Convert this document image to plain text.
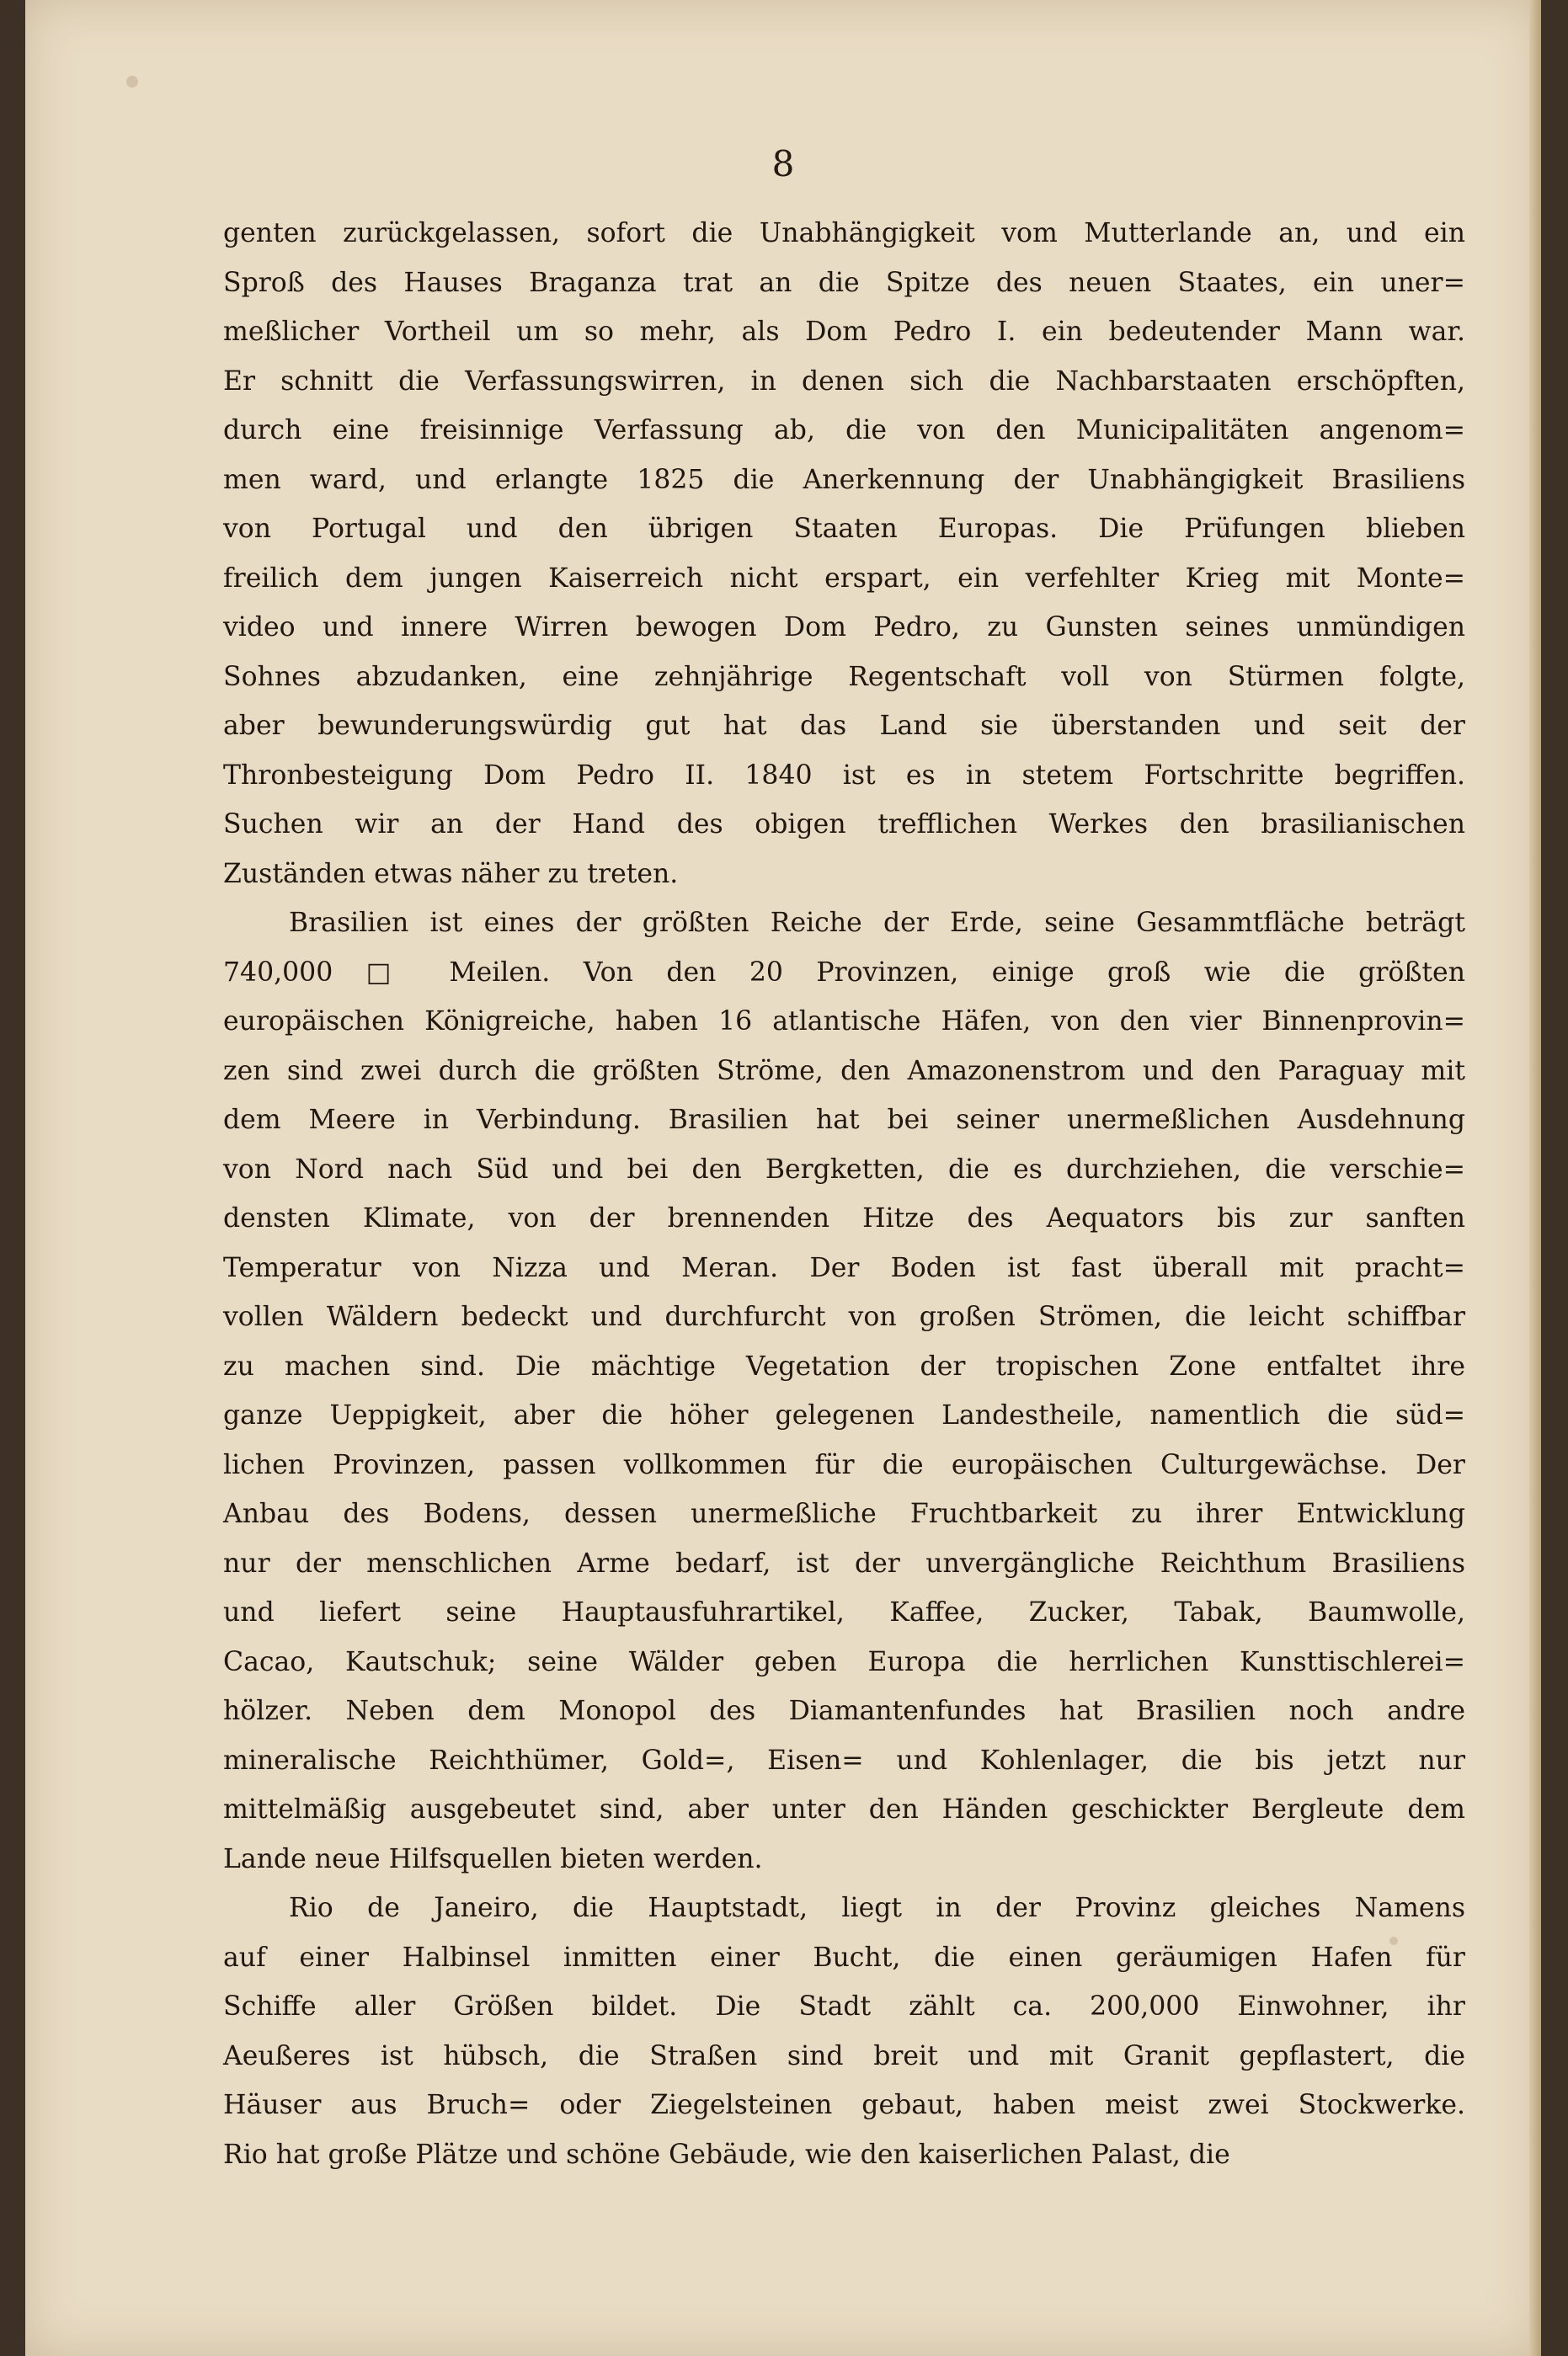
8
genten zurückgelassen, sofort die Unabhängigkeit vom Mutterlande an, und ein
Sproß des Hauses Braganza trat an die Spitze des neuen Staates, ein uner=
meßlicher Vortheil um so mehr, als Dom Pedro I. ein bedeutender Mann war.
Er schnitt die Verfassungswirren, in denen sich die Nachbarstaaten erschöpften,
durch eine freisinnige Verfassung ab, die von den Municipalitäten angenom=
men ward, und erlangte 1825 die Anerkennung der Unabhängigkeit Brasiliens
von Portugal und den übrigen Staaten Europas. Die Prüfungen blieben
freilich dem jungen Kaiserreich nicht erspart, ein verfehlter Krieg mit Monte=
video und innere Wirren bewogen Dom Pedro, zu Gunsten seines unmündigen
Sohnes abzudanken, eine zehnjährige Regentschaft voll von Stürmen folgte,
aber bewunderungswürdig gut hat das Land sie überstanden und seit der
Thronbesteigung Dom Pedro II. 1840 ist es in stetem Fortschritte begriffen.
Suchen wir an der Hand des obigen trefflichen Werkes den brasilianischen
Zuständen etwas näher zu treten.
Brasilien ist eines der größten Reiche der Erde, seine Gesammtfläche beträgt
740,000 □ Meilen. Von den 20 Provinzen, einige groß wie die größten
europäischen Königreiche, haben 16 atlantische Häfen, von den vier Binnenprovin=
zen sind zwei durch die größten Ströme, den Amazonenstrom und den Paraguay mit
dem Meere in Verbindung. Brasilien hat bei seiner unermeßlichen Ausdehnung
von Nord nach Süd und bei den Bergketten, die es durchziehen, die verschie=
densten Klimate, von der brennenden Hitze des Aequators bis zur sanften
Temperatur von Nizza und Meran. Der Boden ist fast überall mit pracht=
vollen Wäldern bedeckt und durchfurcht von großen Strömen, die leicht schiffbar
zu machen sind. Die mächtige Vegetation der tropischen Zone entfaltet ihre
ganze Ueppigkeit, aber die höher gelegenen Landestheile, namentlich die süd=
lichen Provinzen, passen vollkommen für die europäischen Culturgewächse. Der
Anbau des Bodens, dessen unermeßliche Fruchtbarkeit zu ihrer Entwicklung
nur der menschlichen Arme bedarf, ist der unvergängliche Reichthum Brasiliens
und liefert seine Hauptausfuhrartikel, Kaffee, Zucker, Tabak, Baumwolle,
Cacao, Kautschuk; seine Wälder geben Europa die herrlichen Kunsttischlerei=
hölzer. Neben dem Monopol des Diamantenfundes hat Brasilien noch andre
mineralische Reichthümer, Gold=, Eisen= und Kohlenlager, die bis jetzt nur
mittelmäßig ausgebeutet sind, aber unter den Händen geschickter Bergleute dem
Lande neue Hilfsquellen bieten werden.
Rio de Janeiro, die Hauptstadt, liegt in der Provinz gleiches Namens
auf einer Halbinsel inmitten einer Bucht, die einen geräumigen Hafen für
Schiffe aller Größen bildet. Die Stadt zählt ca. 200,000 Einwohner, ihr
Aeußeres ist hübsch, die Straßen sind breit und mit Granit gepflastert, die
Häuser aus Bruch= oder Ziegelsteinen gebaut, haben meist zwei Stockwerke.
Rio hat große Plätze und schöne Gebäude, wie den kaiserlichen Palast, die
